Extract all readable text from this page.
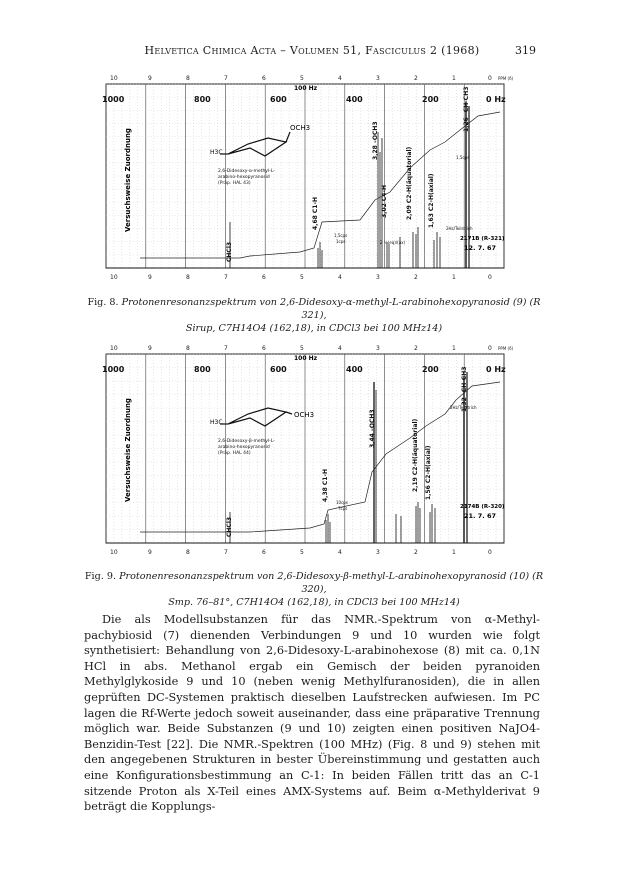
Helvetica Chimica Acta – Volumen 51, Fasciculus 2 (1968)	319
10	9	8	7	6	5	4	3	2	1	0 PPM (δ)
10	9	8	7	6	5	4	3	2	1	0
1000	800	600	400	200	0 Hz
100 Hz
Versuchsweise Zuordnung	H3C
OCH3
2,6-Didesoxy-α-methyl-L-
arabino-hexopyranosid
(Präp. HAL 43)
CHCl3
4,68 C1-H
3,28 –OCH3
3,02 C4-H	2,09 C2-H(äquatorial)	1,63 C2-H(axial)
1,26 –CH-CH3
1,5cps
1,5cps
1cps	2 ½(eq)/(ax)
2Hz/Teilstrich
2171B (R-321)
12. 7. 67
Fig. 8. Protonenresonanzspektrum von 2,6-Didesoxy-α-methyl-L-arabinohexopyranosid (9) (R 321),
Sirup, C7H14O4 (162,18), in CDCl3 bei 100 MHz14)
10	9	8	7	6	5	4	3	2	1	0 PPM (δ)
10	9	8	7	6	5	4	3	2	1	0
1000	800	600	400	200	0 Hz
100 Hz
Versuchsweise Zuordnung	H3C
OCH3
2,6-Didesoxy-β-methyl-L-
arabino-hexopyranosid
(Präp. HAL 44)
CHCl3
4,38 C1-H
3,44 –OCH3	2,19 C2-H(äquatorial) 1,56 C2-H(axial)
1,32 –CH-CH3
10cps
7cps
2Hz/Teilstrich
2174B (R-320)
21. 7. 67
Fig. 9. Protonenresonanzspektrum von 2,6-Didesoxy-β-methyl-L-arabinohexopyranosid (10) (R 320),
Smp. 76–81°, C7H14O4 (162,18), in CDCl3 bei 100 MHz14)

Die als Modellsubstanzen für das NMR.-Spektrum von α-Methyl-pachybiosid (7) dienenden Verbindungen 9 und 10 wurden wie folgt synthetisiert: Behandlung von 2,6-Didesoxy-L-arabinohexose (8) mit ca. 0,1N HCl in abs. Methanol ergab ein Gemisch der beiden pyranoiden Methylglykoside 9 und 10 (neben wenig Methylfuranosiden), die in allen geprüften DC-Systemen praktisch dieselben Laufstrecken aufwiesen. Im PC lagen die Rf-Werte jedoch soweit auseinander, dass eine präparative Trennung möglich war. Beide Substanzen (9 und 10) zeigten einen positiven NaJO4-Benzidin-Test [22]. Die NMR.-Spektren (100 MHz) (Fig. 8 und 9) stehen mit den angegebenen Strukturen in bester Übereinstimmung und gestatten auch eine Konfigurationsbestimmung an C-1: In beiden Fällen tritt das an C-1 sitzende Proton als X-Teil eines AMX-Systems auf. Beim α-Methylderivat 9 beträgt die Kopplungs-
